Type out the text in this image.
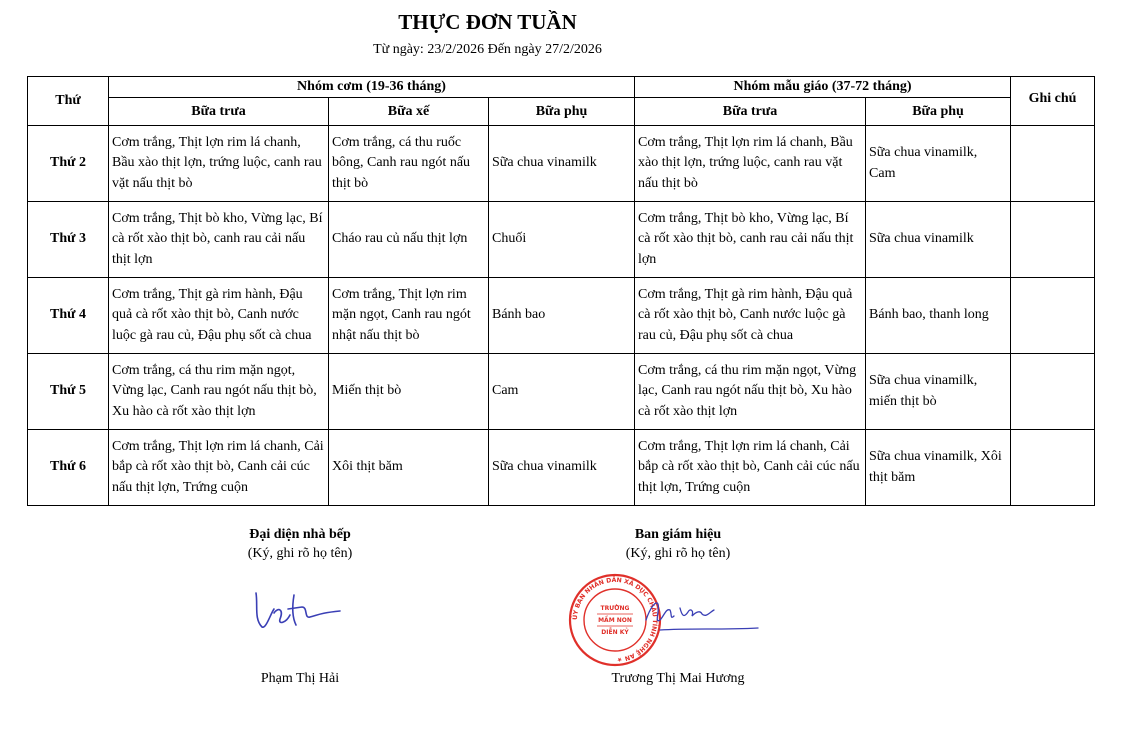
THỰC ĐƠN TUẦN
Từ ngày: 23/2/2026 Đến ngày 27/2/2026
Thứ	Nhóm cơm (19-36 tháng)			Nhóm mẫu giáo (37-72 tháng)		Ghi chú
	Bữa trưa	Bữa xế	Bữa phụ	Bữa trưa	Bữa phụ	
Thứ 2	Cơm trắng, Thịt lợn rim lá chanh, Bầu xào thịt lợn, trứng luộc, canh rau vặt nấu thịt bò	Cơm trắng, cá thu ruốc bông, Canh rau ngót nấu thịt bò	Sữa chua vinamilk	Cơm trắng, Thịt lợn rim lá chanh, Bầu xào thịt lợn, trứng luộc, canh rau vặt nấu thịt bò	Sữa chua vinamilk, Cam	
Thứ 3	Cơm trắng, Thịt bò kho, Vừng lạc, Bí cà rốt xào thịt bò, canh rau cải nấu thịt lợn	Cháo rau củ nấu thịt lợn	Chuối	Cơm trắng, Thịt bò kho, Vừng lạc, Bí cà rốt xào thịt bò, canh rau cải nấu thịt lợn	Sữa chua vinamilk	
Thứ 4	Cơm trắng, Thịt gà rim hành, Đậu quả cà rốt xào thịt bò, Canh nước luộc gà rau củ, Đậu phụ sốt cà chua	Cơm trắng, Thịt lợn rim mặn ngọt, Canh rau ngót nhật nấu thịt bò	Bánh bao	Cơm trắng, Thịt gà rim hành, Đậu quả cà rốt xào thịt bò, Canh nước luộc gà rau củ, Đậu phụ sốt cà chua	Bánh bao, thanh long	
Thứ 5	Cơm trắng, cá thu rim mặn ngọt, Vừng lạc, Canh rau ngót nấu thịt bò, Xu hào cà rốt xào thịt lợn	Miến thịt bò	Cam	Cơm trắng, cá thu rim mặn ngọt, Vừng lạc, Canh rau ngót nấu thịt bò, Xu hào cà rốt xào thịt lợn	Sữa chua vinamilk, miến thịt bò	
Thứ 6	Cơm trắng, Thịt lợn rim lá chanh, Cải bắp cà rốt xào thịt bò, Canh cải cúc nấu thịt lợn, Trứng cuộn	Xôi thịt băm	Sữa chua vinamilk	Cơm trắng, Thịt lợn rim lá chanh, Cải bắp cà rốt xào thịt bò, Canh cải cúc nấu thịt lợn, Trứng cuộn	Sữa chua vinamilk, Xôi thịt băm	
Đại diện nhà bếp
(Ký, ghi rõ họ tên)
Phạm Thị Hải
Ban giám hiệu
(Ký, ghi rõ họ tên)
ỦY BAN NHÂN DÂN XÃ DỤC CHÂU TỈNH NGHỆ AN ★
TRƯỜNG
MẦM NON
DIỄN KỶ
Trương Thị Mai Hương
